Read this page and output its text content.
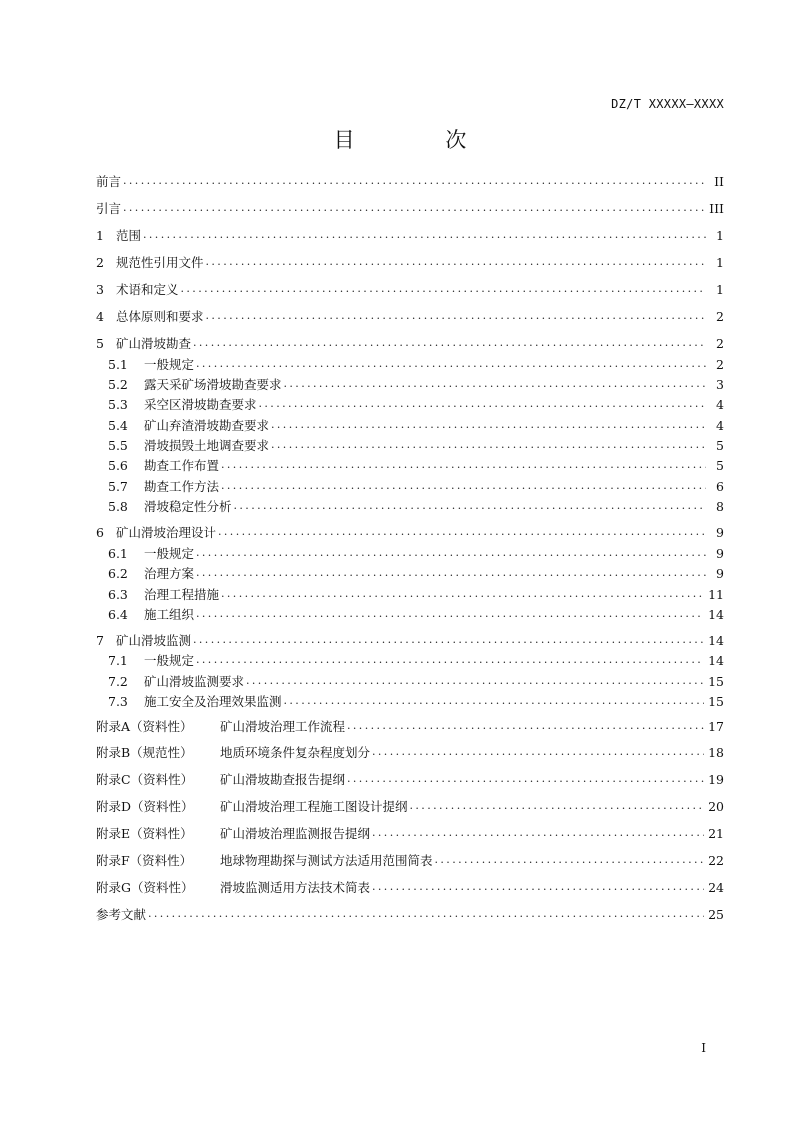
DZ/T XXXXX—XXXX
目 次
前言 .....	II
引言 .....	III
1 范围 .....	1
2 规范性引用文件 .....	1
3 术语和定义 .....	1
4 总体原则和要求 .....	2
5 矿山滑坡勘查 .....	2
5.1	一般规定 .....	2
5.2	露天采矿场滑坡勘查要求 .....	3
5.3	采空区滑坡勘查要求 .....	4
5.4	矿山弃渣滑坡勘查要求 .....	4
5.5	滑坡损毁土地调查要求 .....	5
5.6	勘查工作布置 .....	5
5.7	勘查工作方法 .....	6
5.8	滑坡稳定性分析 .....	8
6 矿山滑坡治理设计 .....	9
6.1	一般规定 .....	9
6.2	治理方案 .....	9
6.3	治理工程措施 .....	11
6.4	施工组织 .....	14
7 矿山滑坡监测 .....	14
7.1	一般规定 .....	14
7.2	矿山滑坡监测要求 .....	15
7.3	施工安全及治理效果监测 .....	15
附录A（资料性）	矿山滑坡治理工作流程 .....	17
附录B（规范性）	地质环境条件复杂程度划分 .....	18
附录C（资料性）	矿山滑坡勘查报告提纲 .....	19
附录D（资料性）	矿山滑坡治理工程施工图设计提纲 .....	20
附录E（资料性）	矿山滑坡治理监测报告提纲 .....	21
附录F（资料性）	地球物理勘探与测试方法适用范围简表 .....	22
附录G（资料性）	滑坡监测适用方法技术简表 .....	24
参考文献 .....	25
I
